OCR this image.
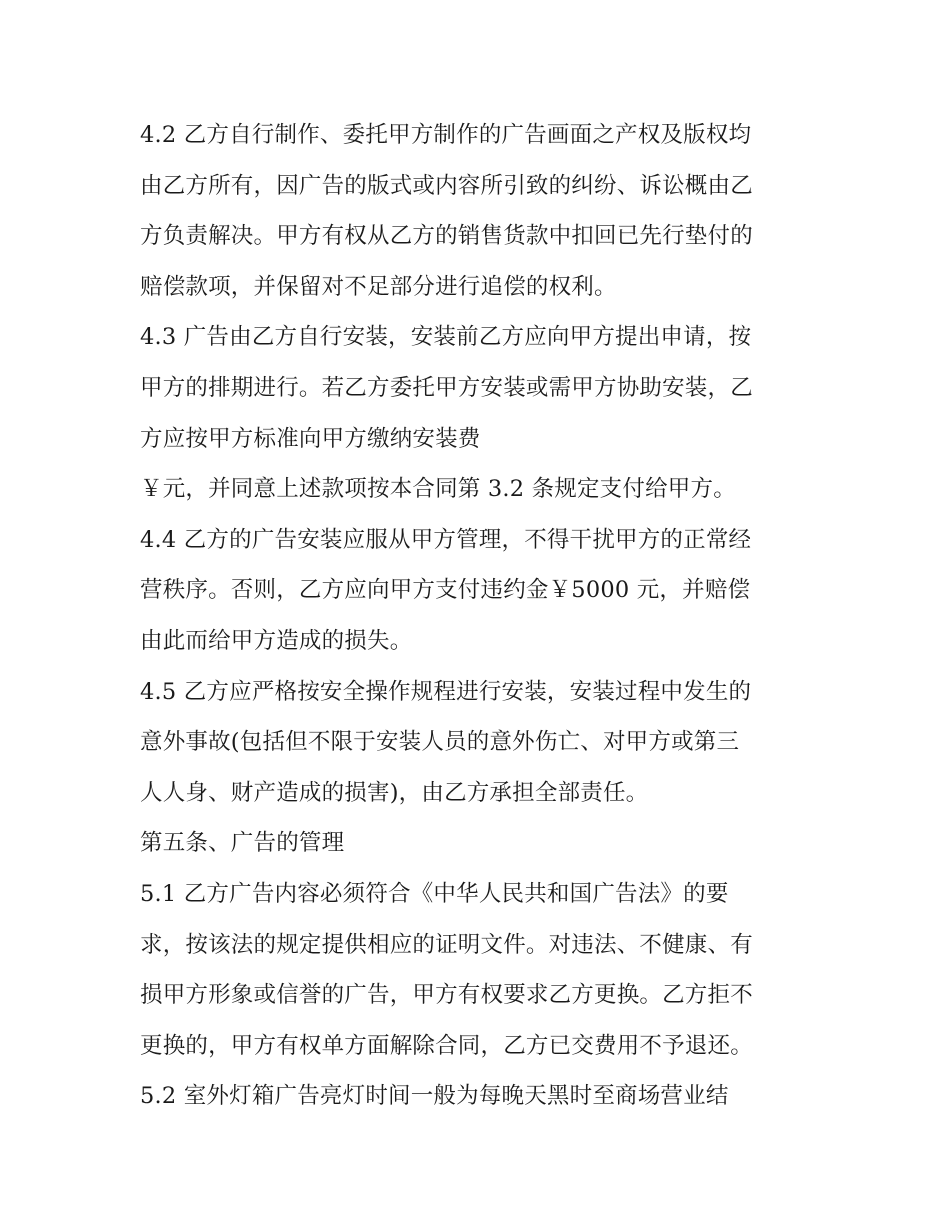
4.2 乙方自行制作、委托甲方制作的广告画面之产权及版权均

由乙方所有，因广告的版式或内容所引致的纠纷、诉讼概由乙

方负责解决。甲方有权从乙方的销售货款中扣回已先行垫付的

赔偿款项，并保留对不足部分进行追偿的权利。

4.3 广告由乙方自行安装，安装前乙方应向甲方提出申请，按

甲方的排期进行。若乙方委托甲方安装或需甲方协助安装，乙

方应按甲方标准向甲方缴纳安装费

￥元，并同意上述款项按本合同第 3.2 条规定支付给甲方。

4.4 乙方的广告安装应服从甲方管理，不得干扰甲方的正常经

营秩序。否则，乙方应向甲方支付违约金￥5000 元，并赔偿

由此而给甲方造成的损失。

4.5 乙方应严格按安全操作规程进行安装，安装过程中发生的

意外事故(包括但不限于安装人员的意外伤亡、对甲方或第三

人人身、财产造成的损害)，由乙方承担全部责任。

第五条、广告的管理

5.1 乙方广告内容必须符合《中华人民共和国广告法》的要

求，按该法的规定提供相应的证明文件。对违法、不健康、有

损甲方形象或信誉的广告，甲方有权要求乙方更换。乙方拒不

更换的，甲方有权单方面解除合同，乙方已交费用不予退还。

5.2 室外灯箱广告亮灯时间一般为每晚天黑时至商场营业结
